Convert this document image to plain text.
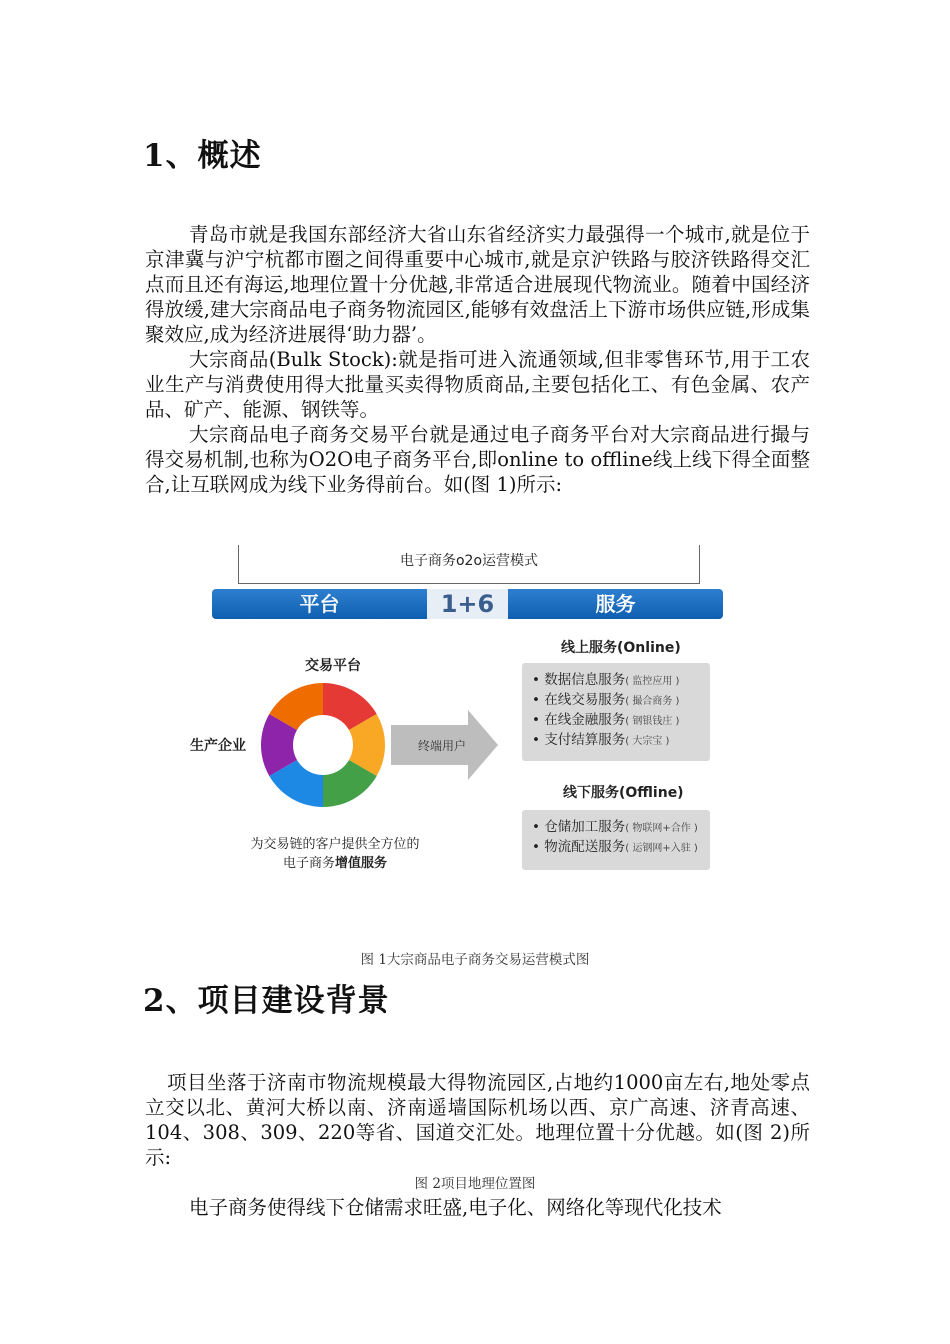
1、概述

青岛市就是我国东部经济大省山东省经济实力最强得一个城市,就是位于京津冀与沪宁杭都市圈之间得重要中心城市,就是京沪铁路与胶济铁路得交汇点而且还有海运,地理位置十分优越,非常适合进展现代物流业。随着中国经济得放缓,建大宗商品电子商务物流园区,能够有效盘活上下游市场供应链,形成集聚效应,成为经济进展得‘助力器’。

大宗商品(Bulk Stock):就是指可进入流通领域,但非零售环节,用于工农业生产与消费使用得大批量买卖得物质商品,主要包括化工、有色金属、农产品、矿产、能源、钢铁等。

大宗商品电子商务交易平台就是通过电子商务平台对大宗商品进行撮与得交易机制,也称为O2O电子商务平台,即online to offline线上线下得全面整合,让互联网成为线下业务得前台。如(图 1)所示:

电子商务o2o运营模式
平台	1+6	服务
交易平台
生产企业	终端用户
线上服务(Online)
• 数据信息服务( 监控应用 )
• 在线交易服务( 撮合商务 )
• 在线金融服务( 钢银钱庄 )
• 支付结算服务( 大宗宝 )
线下服务(Offline)
• 仓储加工服务( 物联网+合作 )
• 物流配送服务( 运钢网+入驻 )
为交易链的客户提供全方位的
电子商务增值服务
图 1大宗商品电子商务交易运营模式图
2、项目建设背景

项目坐落于济南市物流规模最大得物流园区,占地约1000亩左右,地处零点立交以北、黄河大桥以南、济南遥墙国际机场以西、京广高速、济青高速、104、308、309、220等省、国道交汇处。地理位置十分优越。如(图 2)所示:

图 2项目地理位置图

电子商务使得线下仓储需求旺盛,电子化、网络化等现代化技术
